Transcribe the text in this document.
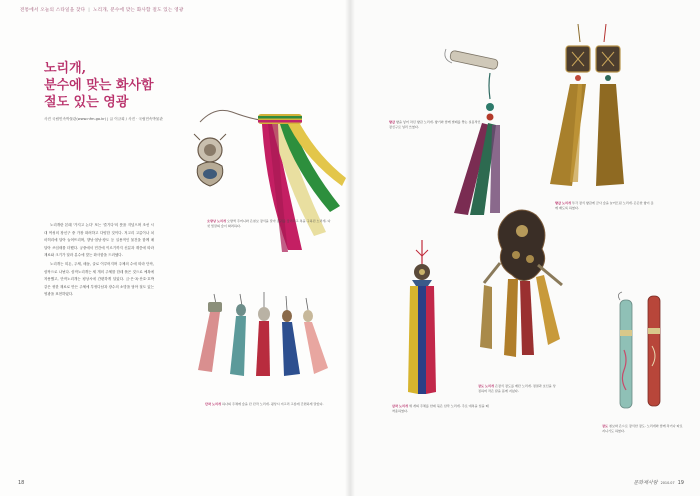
전통에서 오늘의 스타일을 찾다 | 노리개, 분수에 맞는 화사함 절도 있는 영광
노리개,
분수에 맞는 화사함
절도 있는 영광
사진 국립민속박물관(www.nfm.go.kr) | 글 이규희 / 사진 · 국립민속박물관
오방낭 노리개 오방색 주머니와 은칠보 장식을 달아 잡귀를 물리치고 복을 구하던 노리개. 다섯 빛깔의 술이 화려하다.

노리개란 본래 '가지고 논다' 또는 '즐기다'의 뜻을 지녔으며 조선 시대 여성의 장신구 중 가장 화려하고 다양한 것이다. 저고리 고름이나 치마허리에 달아 늘어뜨리며, 향낭·침낭·장도 등 실용적인 물건을 함께 매달아 쓰임새를 더했다. 궁중에서 민간에 이르기까지 신분과 계층에 따라 재료와 크기가 달라 분수에 맞는 화사함을 드러냈다.

노리개는 띠돈, 주체, 매듭, 술로 이루어지며 주체의 수에 따라 단작, 삼작으로 나뉜다. 삼작노리개는 세 개의 주체를 한데 묶은 것으로 예복에 착용했고, 단작노리개는 평상시에 간편하게 달았다. 금·은·옥·산호·호박 같은 귀한 재료로 만든 주체에 부귀다남과 장수의 소망을 담아 절도 있는 영광을 표현하였다.

단작 노리개 하나의 주체에 술을 단 단작 노리개. 평상시 저고리 고름에 간편하게 달았다.
18
향갑 향을 넣어 차던 향갑 노리개. 향기와 함께 벌레를 쫓는 실용적인 장신구로 널리 쓰였다.
향갑 노리개 투각 장식 향갑에 금사 술을 늘어뜨린 노리개. 은은한 향이 옷에 배도록 하였다.
장도 노리개 은장식 장도를 매단 노리개. 정절과 호신을 상징하며 작은 칼을 몸에 지녔다.
삼작 노리개 세 개의 주체를 한데 묶은 삼작 노리개. 주로 예복을 입을 때 착용하였다.
장도 칠보와 은으로 장식한 장도. 노리개와 함께 차거나 따로 지니기도 하였다.
문화재사랑 2010.07 19
